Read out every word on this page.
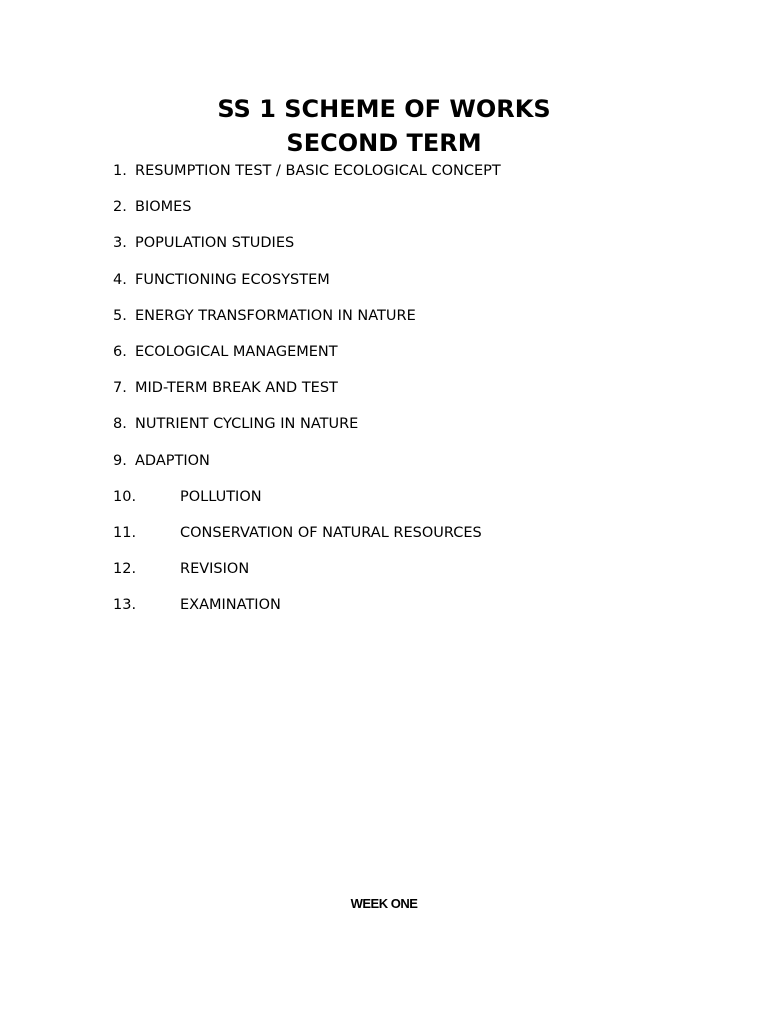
SS 1 SCHEME OF WORKS
SECOND TERM
1. RESUMPTION TEST / BASIC ECOLOGICAL CONCEPT
2. BIOMES
3. POPULATION STUDIES
4. FUNCTIONING ECOSYSTEM
5. ENERGY TRANSFORMATION IN NATURE
6. ECOLOGICAL MANAGEMENT
7. MID-TERM BREAK AND TEST
8. NUTRIENT CYCLING IN NATURE
9. ADAPTION
10.	POLLUTION
11.	CONSERVATION OF NATURAL RESOURCES
12.	REVISION
13.	EXAMINATION
WEEK ONE
